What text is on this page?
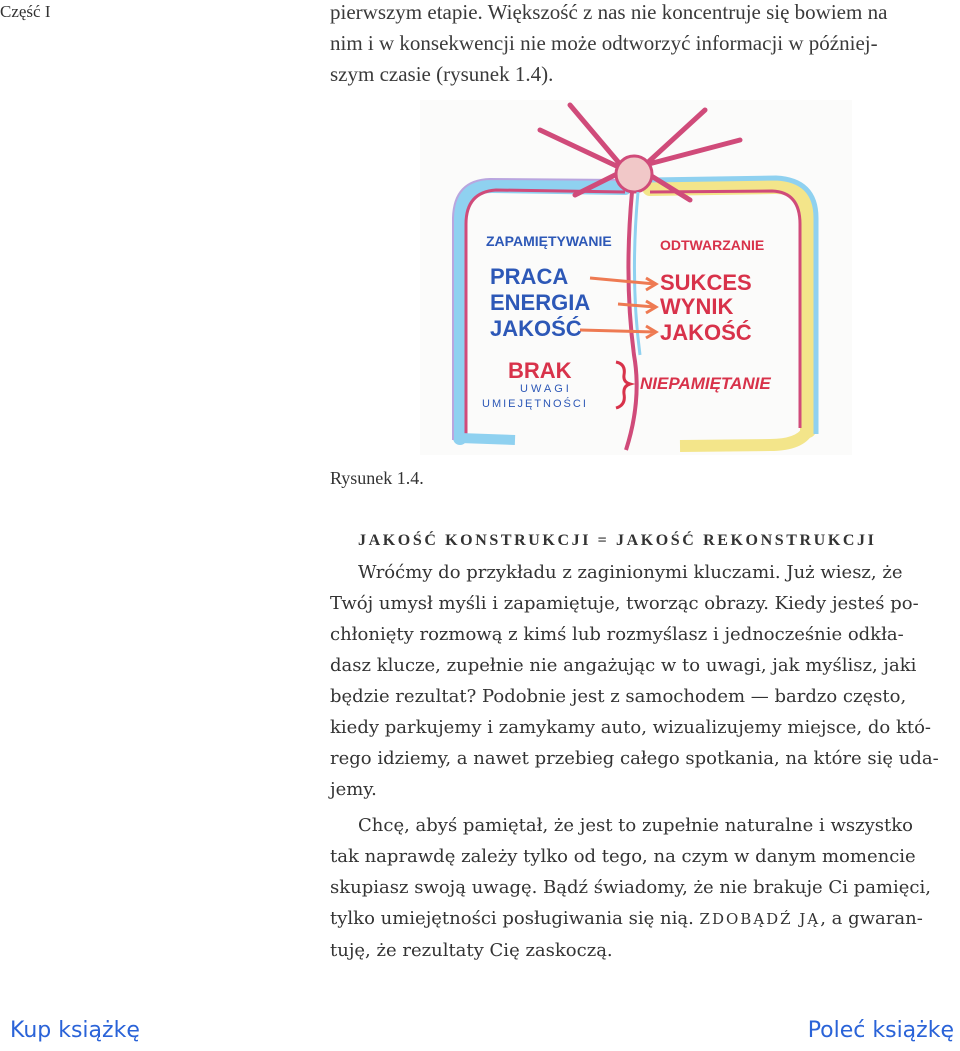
Część I	pierwszym etapie. Większość z nas nie koncentruje się bowiem na
nim i w konsekwencji nie może odtworzyć informacji w później-
szym czasie (rysunek 1.4).

ZAPAMIĘTYWANIE	ODTWARZANIE
PRACA
ENERGIA
JAKOŚĆ
SUKCES
WYNIK
JAKOŚĆ
BRAK
UWAGI
UMIEJĘTNOŚCI
NIEPAMIĘTANIE

Rysunek 1.4.

JAKOŚĆ KONSTRUKCJI = JAKOŚĆ REKONSTRUKCJI

Wróćmy do przykładu z zaginionymi kluczami. Już wiesz, że
Twój umysł myśli i zapamiętuje, tworząc obrazy. Kiedy jesteś po-
chłonięty rozmową z kimś lub rozmyślasz i jednocześnie odkła-
dasz klucze, zupełnie nie angażując w to uwagi, jak myślisz, jaki
będzie rezultat? Podobnie jest z samochodem — bardzo często,
kiedy parkujemy i zamykamy auto, wizualizujemy miejsce, do któ-
rego idziemy, a nawet przebieg całego spotkania, na które się uda-
jemy.

Chcę, abyś pamiętał, że jest to zupełnie naturalne i wszystko
tak naprawdę zależy tylko od tego, na czym w danym momencie
skupiasz swoją uwagę. Bądź świadomy, że nie brakuje Ci pamięci,
tylko umiejętności posługiwania się nią. ZDOBĄDŹ JĄ, a gwaran-
tuję, że rezultaty Cię zaskoczą.

Kup książkę	Poleć książkę
